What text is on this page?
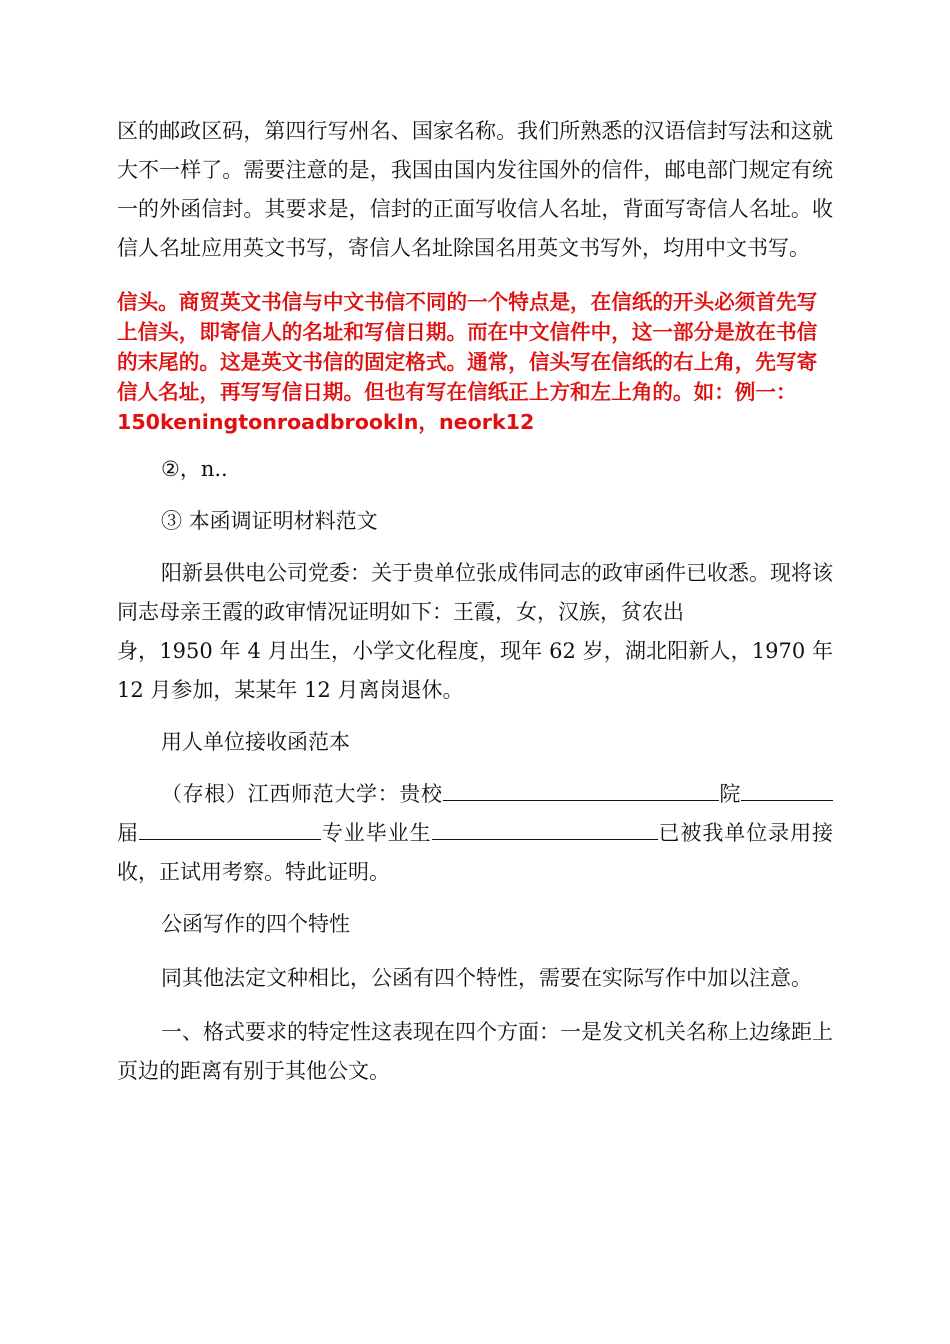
区的邮政区码，第四行写州名、国家名称。我们所熟悉的汉语信封写法和这就大不一样了。需要注意的是，我国由国内发往国外的信件，邮电部门规定有统一的外函信封。其要求是，信封的正面写收信人名址，背面写寄信人名址。收信人名址应用英文书写，寄信人名址除国名用英文书写外，均用中文书写。

信头。商贸英文书信与中文书信不同的一个特点是，在信纸的开头必须首先写上信头，即寄信人的名址和写信日期。而在中文信件中，这一部分是放在书信的末尾的。这是英文书信的固定格式。通常，信头写在信纸的右上角，先写寄信人名址，再写写信日期。但也有写在信纸正上方和左上角的。如：例一：150keningtonroadbrookln，neork12

②，n..

③ 本函调证明材料范文

阳新县供电公司党委：关于贵单位张成伟同志的政审函件已收悉。现将该同志母亲王霞的政审情况证明如下：王霞，女，汉族，贫农出

身，1950 年 4 月出生，小学文化程度，现年 62 岁，湖北阳新人，1970 年 12 月参加，某某年 12 月离岗退休。

用人单位接收函范本

（存根）江西师范大学：贵校	院届	专业毕业生	已被我单位录用接收，正试用考察。特此证明。

公函写作的四个特性

同其他法定文种相比，公函有四个特性，需要在实际写作中加以注意。

一、格式要求的特定性这表现在四个方面：一是发文机关名称上边缘距上页边的距离有别于其他公文。
